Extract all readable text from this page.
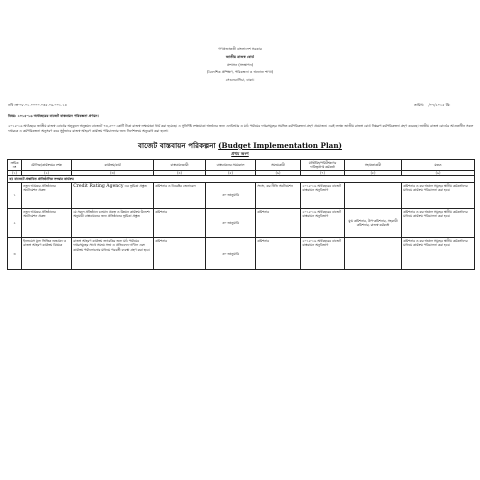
গণপ্রজাতন্ত্রী বাংলাদেশ সরকার
জাতীয় রাজস্ব বোর্ড
প্রশাসন (সংস্থাপন)
(বৈদেশিক প্রশিক্ষণ, পরিকল্পনা ও অন্যান্য শাখা)
সেগুনবাগিচা, ঢাকা।
নথি নং-০৮.০১.০০০০.০৩৫.০৬.০০১.১৪	তারিখ: /০৭/২০১৫ খ্রি:
বিষয়: ২০১৫-১৬ অর্থবছরের বাজেট বাস্তবায়ন পরিকল্পনা প্রণয়ন।
২০১৫-১৬ অর্থবছরে জাতীয় রাজস্ব বোর্ডের অনুকূলে অনুন্নয়ন বাজেটে ৭৩,৫০০ কোটি টাকা রাজস্ব লক্ষ্যমাত্রা ধার্য করা হয়েছে। এ সুনির্দিষ্ট লক্ষ্যমাত্রা অর্জনের জন্য এনবিআর ও মাঠ পর্যায়ের দপ্তরসমূহের সমন্বিত কর্মপরিকল্পনা গ্রহণ প্রয়োজন। এরই লক্ষ্যে জাতীয় রাজস্ব বোর্ড নিম্নরূপ কর্মপরিকল্পনা গ্রহণ করেছে। জাতীয় রাজস্ব বোর্ডের আওতাধীন সকল দপ্তরকে এ কর্মপরিকল্পনা অনুসরণ করে সুষ্ঠুভাবে রাজস্ব আহরণ কার্যক্রম পরিচালনার জন্য নির্দেশক্রমে অনুরোধ করা হলো।
বাজেট বাস্তবায়ন পরিকল্পনা (Budget Implementation Plan)
প্রথম অংশ
ক্রমিক নং	মৌলিক/কার্যক্রমের লক্ষ্য	কার্যক্রম/কার্য	বাস্তবায়নকারী	বাস্তবায়নের সময়কাল	সমন্বয়কারী	মনিটরিং/পরিবীক্ষণের দায়িত্বপ্রাপ্ত কর্মকর্তা	সহায়তাকারী	মন্তব্য
(১)	(২)	(৩)	(৪)	(৫)	(৬)	(৭)	(৮)	(৯)
ক) বাজেটে প্রস্তাবিত প্রাতিষ্ঠানিক সংস্কার কার্যক্রম								
১	নতুন আয়কর প্রতিষ্ঠানের অটোমেশন প্রকল্প	Credit Rating Agency এর ভূমিকা প্রস্তুত	কমিশনার ও ডিরেক্টর জেনারেল	৩০ জানুয়ারি	সদস্য, কর নীতি অটোমেশন	২০১৫-১৬ অর্থবছরের বাজেট বাস্তবায়ন অনুবিভাগ		কমিশনার ও কর অঞ্চল সমূহের স্থানীয় কর্মকর্তাদের মাধ্যমে কার্যক্রম পরিচালনা করা হবে।
২	নতুন আয়কর প্রতিষ্ঠানের অটোমেশন প্রকল্প	যে সকল প্রতিষ্ঠানে চলমান প্রকল্প ও উন্নয়ন কার্যক্রম উদ্দেশ্য অনুযায়ী বাস্তবায়নের জন্য প্রতিষ্ঠানের ভূমিকা প্রস্তুত	কমিশনার	৩০ জানুয়ারি	কমিশনার	২০১৫-১৬ অর্থবছরের বাজেট বাস্তবায়ন অনুবিভাগ	যুগ্ম কমিশনার, উপ-কমিশনার, সহকারী কমিশনার, রাজস্ব কর্মকর্তা	কমিশনার ও কর অঞ্চল সমূহের স্থানীয় কর্মকর্তাদের মাধ্যমে কার্যক্রম পরিচালনা করা হবে।
৩	ইনভয়েস মূল্য ভিত্তিক শুল্কায়ন ও রাজস্ব আহরণ কার্যক্রম বিষয়ক	রাজস্ব আহরণ কার্যক্রম তদারকির জন্য মাঠ পর্যায়ের দপ্তরসমূহের সাথে সমন্বয় সভা ও প্রতিবেদন দাখিল এবং কার্যক্রম পর্যালোচনার মাধ্যমে পরবর্তী ব্যবস্থা গ্রহণ করা হবে।	কমিশনার	৩০ জানুয়ারি	কমিশনার	২০১৫-১৬ অর্থবছরের বাজেট বাস্তবায়ন অনুবিভাগ		কমিশনার ও কর অঞ্চল সমূহের স্থানীয় কর্মকর্তাদের মাধ্যমে কার্যক্রম পরিচালনা করা হবে।
